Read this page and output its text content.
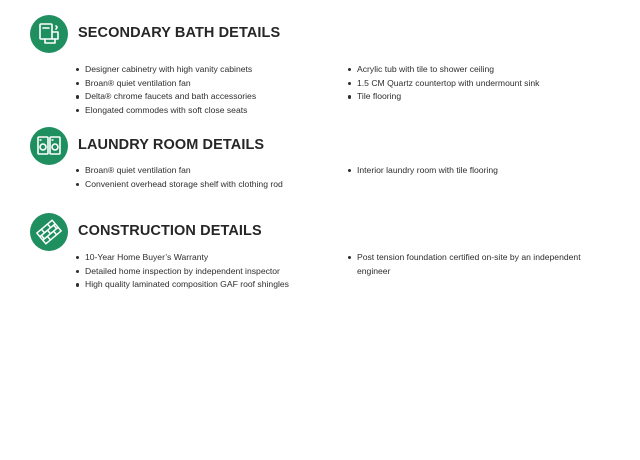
SECONDARY BATH DETAILS
Designer cabinetry with high vanity cabinets
Broan® quiet ventilation fan
Delta® chrome faucets and bath accessories
Elongated commodes with soft close seats
Acrylic tub with tile to shower ceiling
1.5 CM Quartz countertop with undermount sink
Tile flooring
LAUNDRY ROOM DETAILS
Broan® quiet ventilation fan
Convenient overhead storage shelf with clothing rod
Interior laundry room with tile flooring
CONSTRUCTION DETAILS
10-Year Home Buyer’s Warranty
Detailed home inspection by independent inspector
High quality laminated composition GAF roof shingles
Post tension foundation certified on-site by an independent engineer
